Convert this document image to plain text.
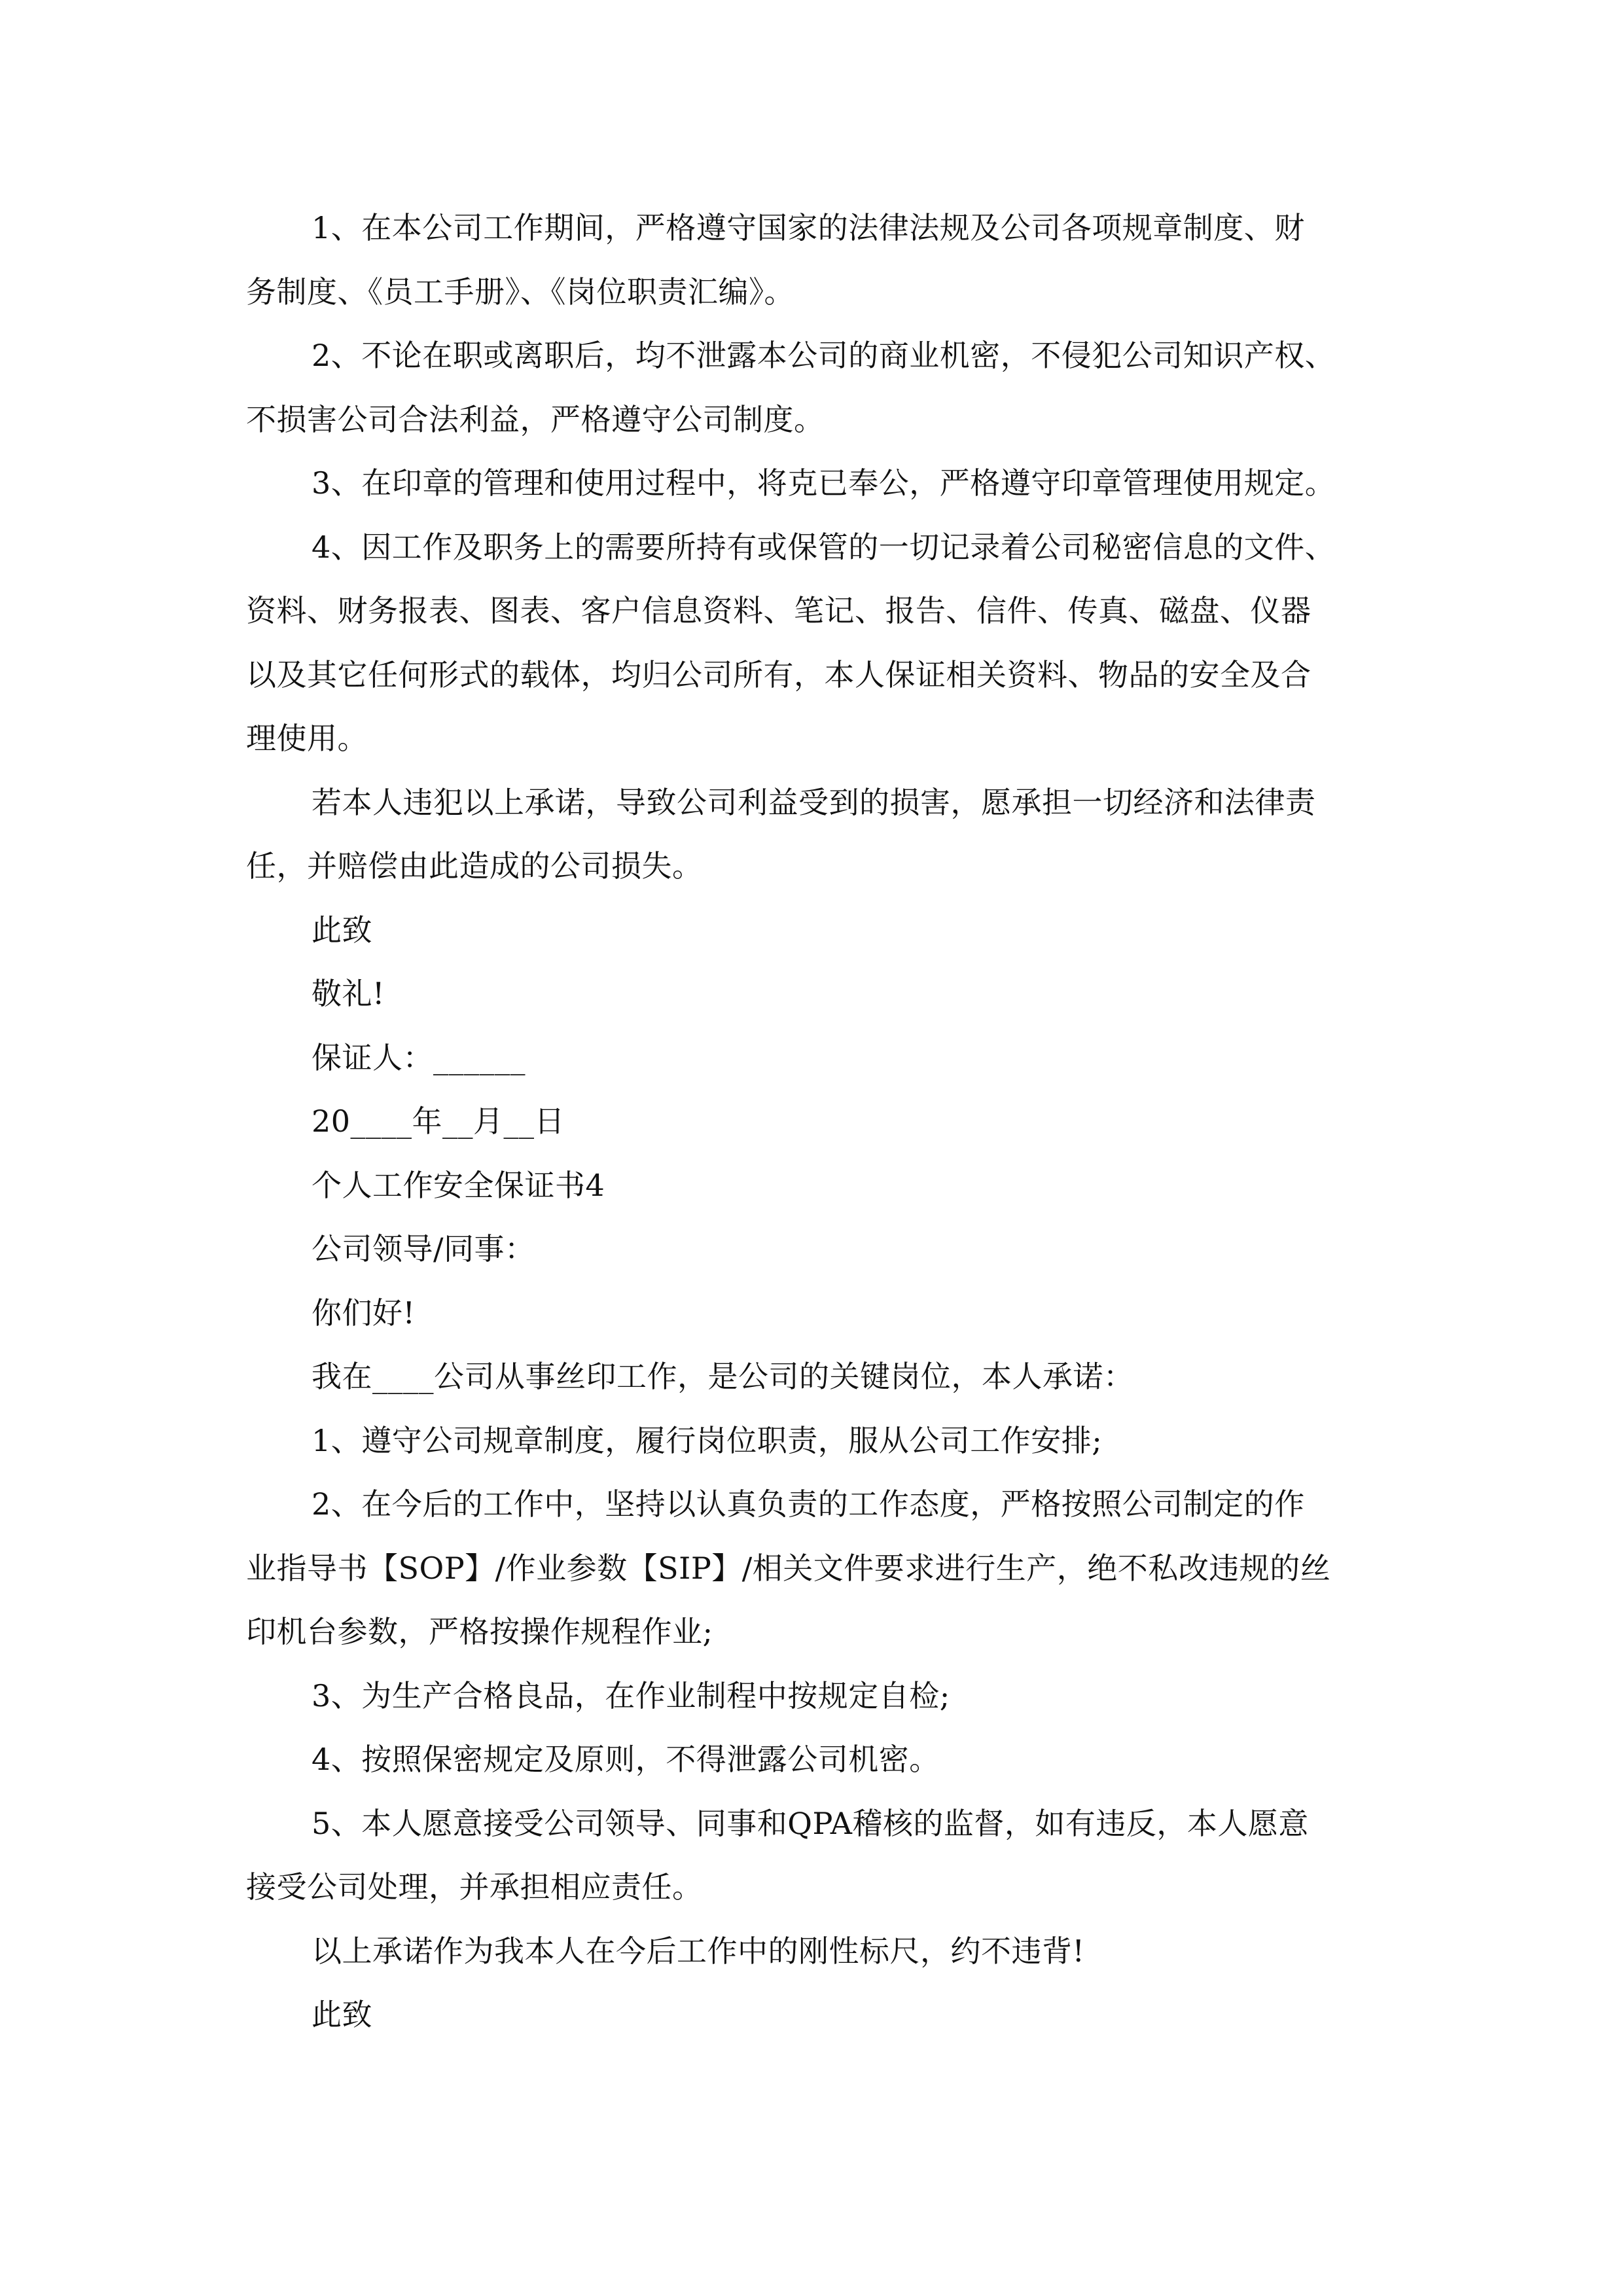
1、在本公司工作期间，严格遵守国家的法律法规及公司各项规章制度、财
务制度、《员工手册》、《岗位职责汇编》。
2、不论在职或离职后，均不泄露本公司的商业机密，不侵犯公司知识产权、
不损害公司合法利益，严格遵守公司制度。
3、在印章的管理和使用过程中，将克已奉公，严格遵守印章管理使用规定。
4、因工作及职务上的需要所持有或保管的一切记录着公司秘密信息的文件、
资料、财务报表、图表、客户信息资料、笔记、报告、信件、传真、磁盘、仪器
以及其它任何形式的载体，均归公司所有，本人保证相关资料、物品的安全及合
理使用。
若本人违犯以上承诺，导致公司利益受到的损害，愿承担一切经济和法律责
任，并赔偿由此造成的公司损失。
此致
敬礼!
保证人：______
20____年__月__日
个人工作安全保证书4
公司领导/同事：
你们好!
我在____公司从事丝印工作，是公司的关键岗位，本人承诺：
1、遵守公司规章制度，履行岗位职责，服从公司工作安排;
2、在今后的工作中，坚持以认真负责的工作态度，严格按照公司制定的作
业指导书【SOP】/作业参数【SIP】/相关文件要求进行生产，绝不私改违规的丝
印机台参数，严格按操作规程作业;
3、为生产合格良品，在作业制程中按规定自检;
4、按照保密规定及原则，不得泄露公司机密。
5、本人愿意接受公司领导、同事和QPA稽核的监督，如有违反，本人愿意
接受公司处理，并承担相应责任。
以上承诺作为我本人在今后工作中的刚性标尺，约不违背!
此致
